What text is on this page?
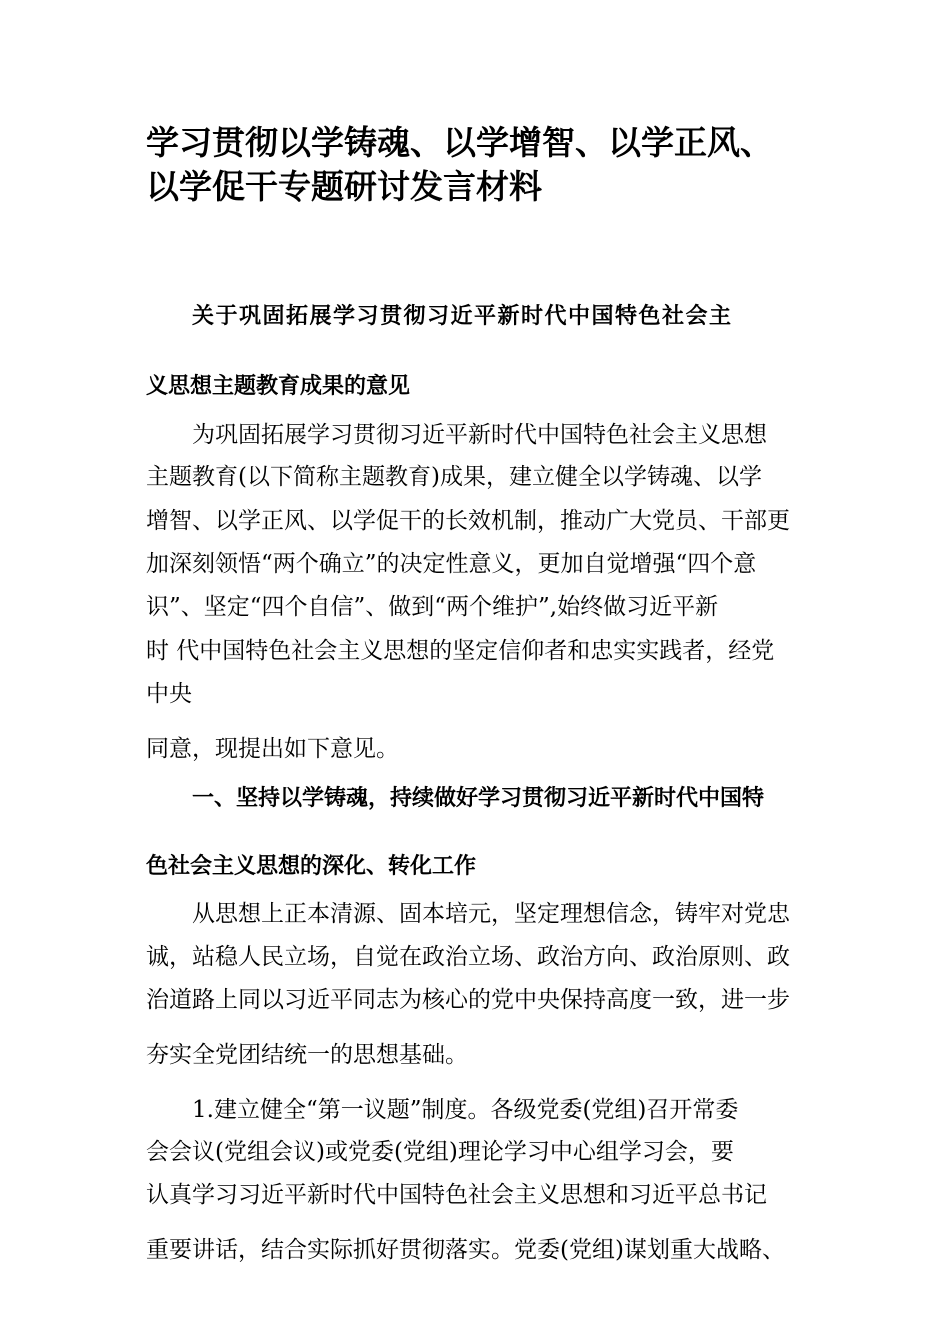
学习贯彻以学铸魂、以学增智、以学正风、
以学促干专题研讨发言材料
关于巩固拓展学习贯彻习近平新时代中国特色社会主
义思想主题教育成果的意见
为巩固拓展学习贯彻习近平新时代中国特色社会主义思想
主题教育(以下简称主题教育)成果，建立健全以学铸魂、以学
增智、以学正风、以学促干的长效机制，推动广大党员、干部更
加深刻领悟“两个确立”的决定性意义，更加自觉增强“四个意
识”、坚定“四个自信”、做到“两个维护”,始终做习近平新
时 代中国特色社会主义思想的坚定信仰者和忠实实践者，经党
中央
同意，现提出如下意见。
一、坚持以学铸魂，持续做好学习贯彻习近平新时代中国特
色社会主义思想的深化、转化工作
从思想上正本清源、固本培元，坚定理想信念，铸牢对党忠
诚，站稳人民立场，自觉在政治立场、政治方向、政治原则、政
治道路上同以习近平同志为核心的党中央保持高度一致，进一步
夯实全党团结统一的思想基础。
1.建立健全“第一议题”制度。各级党委(党组)召开常委
会会议(党组会议)或党委(党组)理论学习中心组学习会，要
认真学习习近平新时代中国特色社会主义思想和习近平总书记
重要讲话，结合实际抓好贯彻落实。党委(党组)谋划重大战略、
